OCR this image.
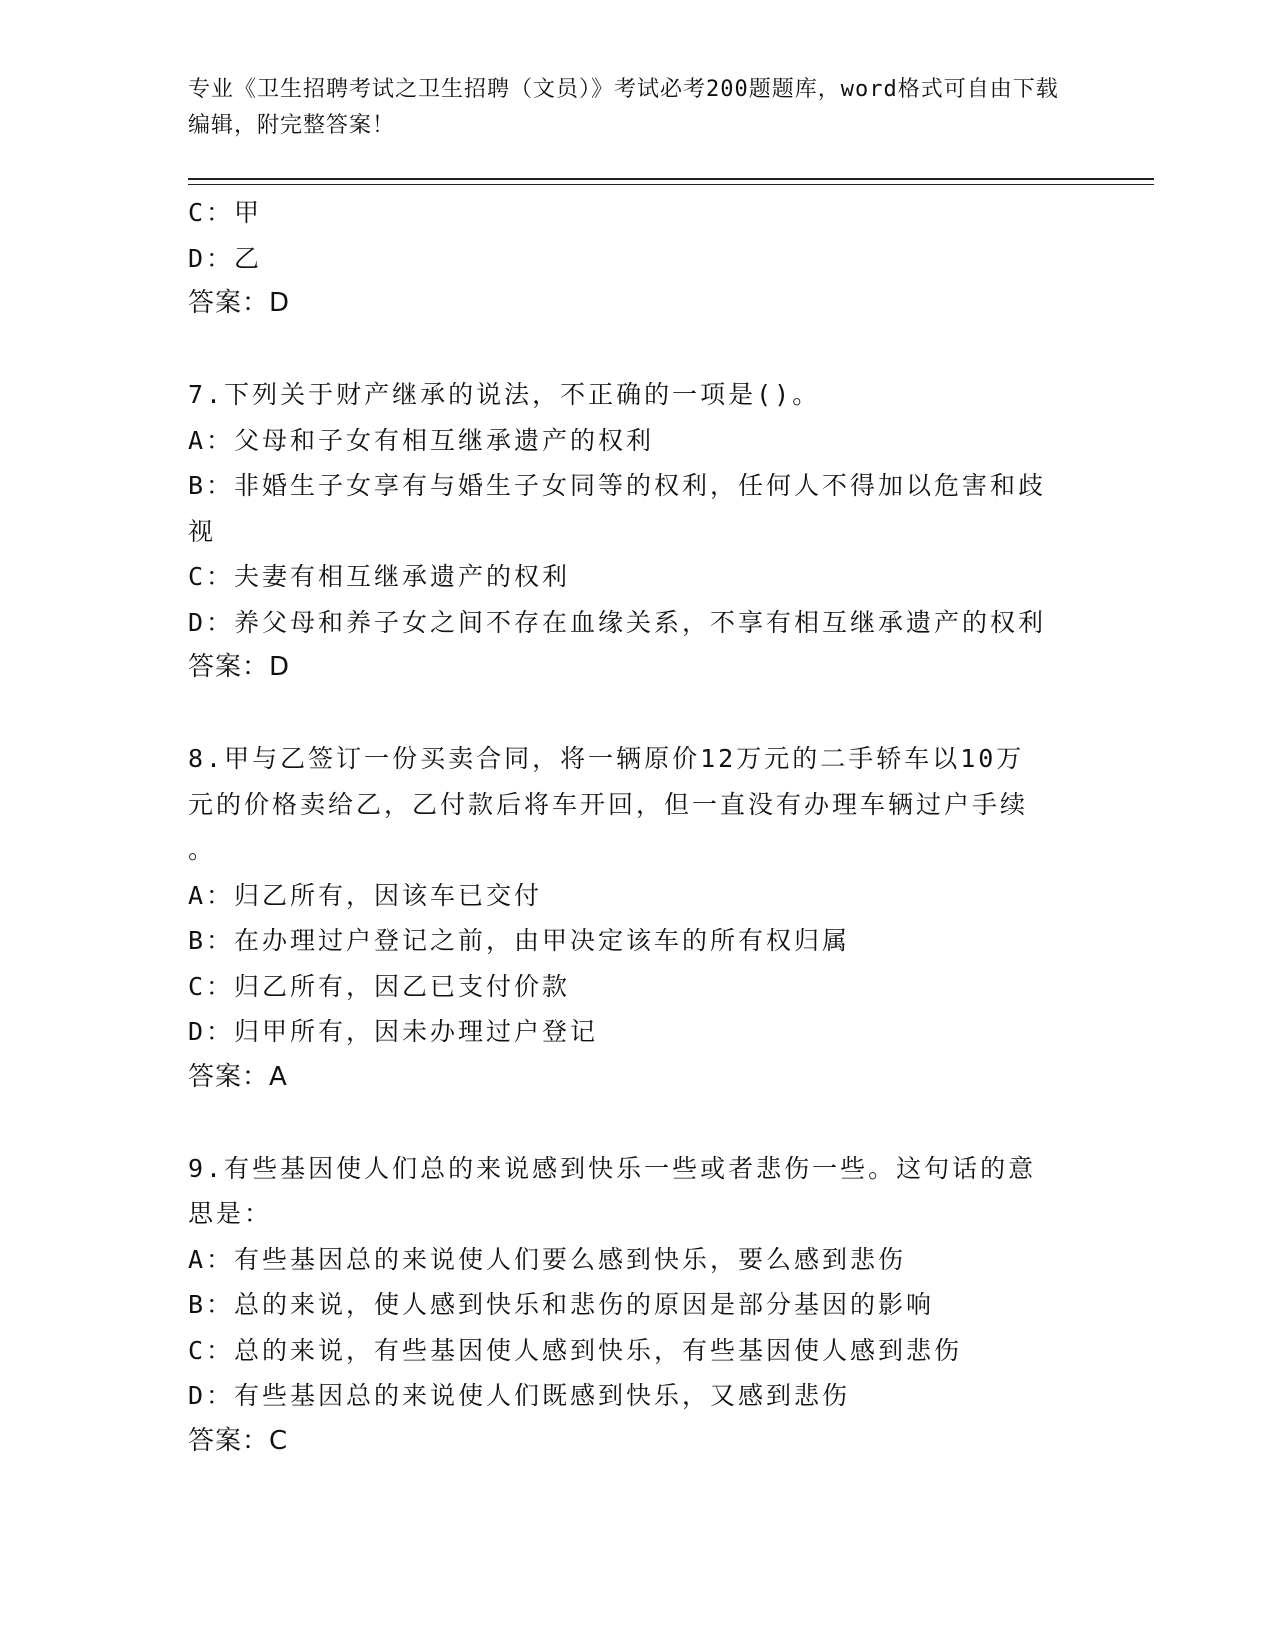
专业《卫生招聘考试之卫生招聘（文员）》考试必考200题题库，word格式可自由下载编辑，附完整答案！
C：甲
D：乙
答案：D
7.下列关于财产继承的说法，不正确的一项是()。
A：父母和子女有相互继承遗产的权利
B：非婚生子女享有与婚生子女同等的权利，任何人不得加以危害和歧
视
C：夫妻有相互继承遗产的权利
D：养父母和养子女之间不存在血缘关系，不享有相互继承遗产的权利
答案：D
8.甲与乙签订一份买卖合同，将一辆原价12万元的二手轿车以10万
元的价格卖给乙，乙付款后将车开回，但一直没有办理车辆过户手续
。
A：归乙所有，因该车已交付
B：在办理过户登记之前，由甲决定该车的所有权归属
C：归乙所有，因乙已支付价款
D：归甲所有，因未办理过户登记
答案：A
9.有些基因使人们总的来说感到快乐一些或者悲伤一些。这句话的意
思是：
A：有些基因总的来说使人们要么感到快乐，要么感到悲伤
B：总的来说，使人感到快乐和悲伤的原因是部分基因的影响
C：总的来说，有些基因使人感到快乐，有些基因使人感到悲伤
D：有些基因总的来说使人们既感到快乐，又感到悲伤
答案：C
